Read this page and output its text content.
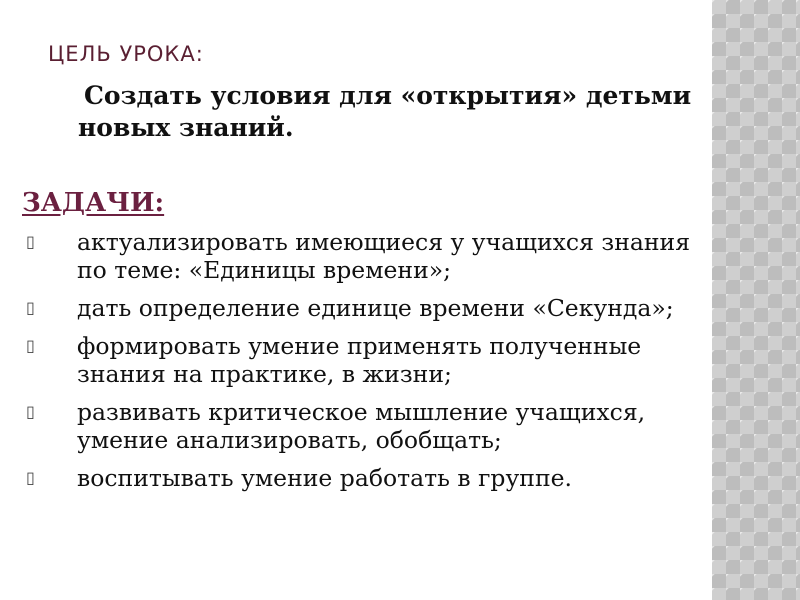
ЦЕЛЬ УРОКА:
Создать условия для «открытия» детьми новых знаний.
ЗАДАЧИ:
▯	актуализировать имеющиеся у учащихся знания по теме: «Единицы времени»;
▯	дать определение единице времени «Секунда»;
▯	формировать умение применять полученные знания на практике, в жизни;
▯	развивать критическое мышление учащихся, умение анализировать, обобщать;
▯	воспитывать умение работать в группе.
